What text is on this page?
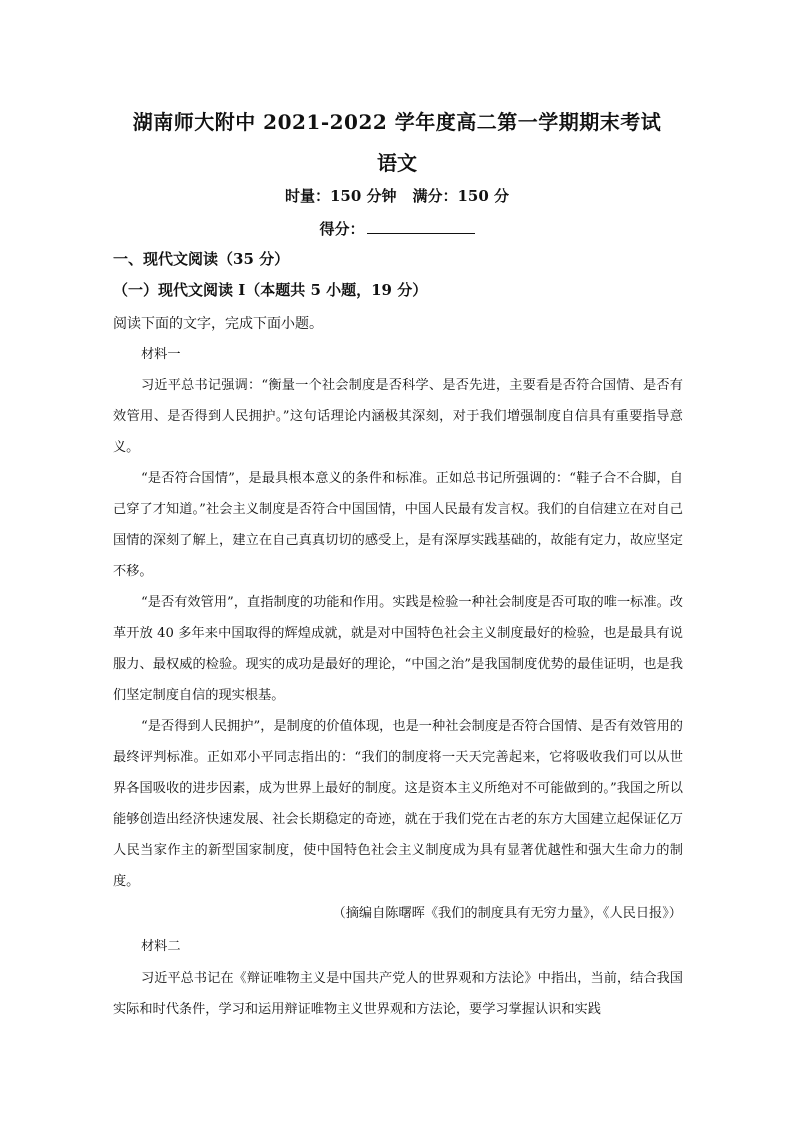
湖南师大附中 2021-2022 学年度高二第一学期期末考试
语文
时量：150 分钟 满分：150 分
得分：
一、现代文阅读（35 分）
（一）现代文阅读 I（本题共 5 小题，19 分）
阅读下面的文字，完成下面小题。
材料一

习近平总书记强调：“衡量一个社会制度是否科学、是否先进，主要看是否符合国情、是否有效管用、是否得到人民拥护。”这句话理论内涵极其深刻，对于我们增强制度自信具有重要指导意义。

“是否符合国情”，是最具根本意义的条件和标准。正如总书记所强调的：“鞋子合不合脚，自己穿了才知道。”社会主义制度是否符合中国国情，中国人民最有发言权。我们的自信建立在对自己国情的深刻了解上，建立在自己真真切切的感受上，是有深厚实践基础的，故能有定力，故应坚定不移。

“是否有效管用”，直指制度的功能和作用。实践是检验一种社会制度是否可取的唯一标准。改革开放 40 多年来中国取得的辉煌成就，就是对中国特色社会主义制度最好的检验，也是最具有说服力、最权威的检验。现实的成功是最好的理论，“中国之治”是我国制度优势的最佳证明，也是我们坚定制度自信的现实根基。

“是否得到人民拥护”，是制度的价值体现，也是一种社会制度是否符合国情、是否有效管用的最终评判标准。正如邓小平同志指出的：“我们的制度将一天天完善起来，它将吸收我们可以从世界各国吸收的进步因素，成为世界上最好的制度。这是资本主义所绝对不可能做到的。”我国之所以能够创造出经济快速发展、社会长期稳定的奇迹，就在于我们党在古老的东方大国建立起保证亿万人民当家作主的新型国家制度，使中国特色社会主义制度成为具有显著优越性和强大生命力的制度。

（摘编自陈曙晖《我们的制度具有无穷力量》，《人民日报》）
材料二

习近平总书记在《辩证唯物主义是中国共产党人的世界观和方法论》中指出，当前，结合我国实际和时代条件，学习和运用辩证唯物主义世界观和方法论，要学习掌握认识和实践
